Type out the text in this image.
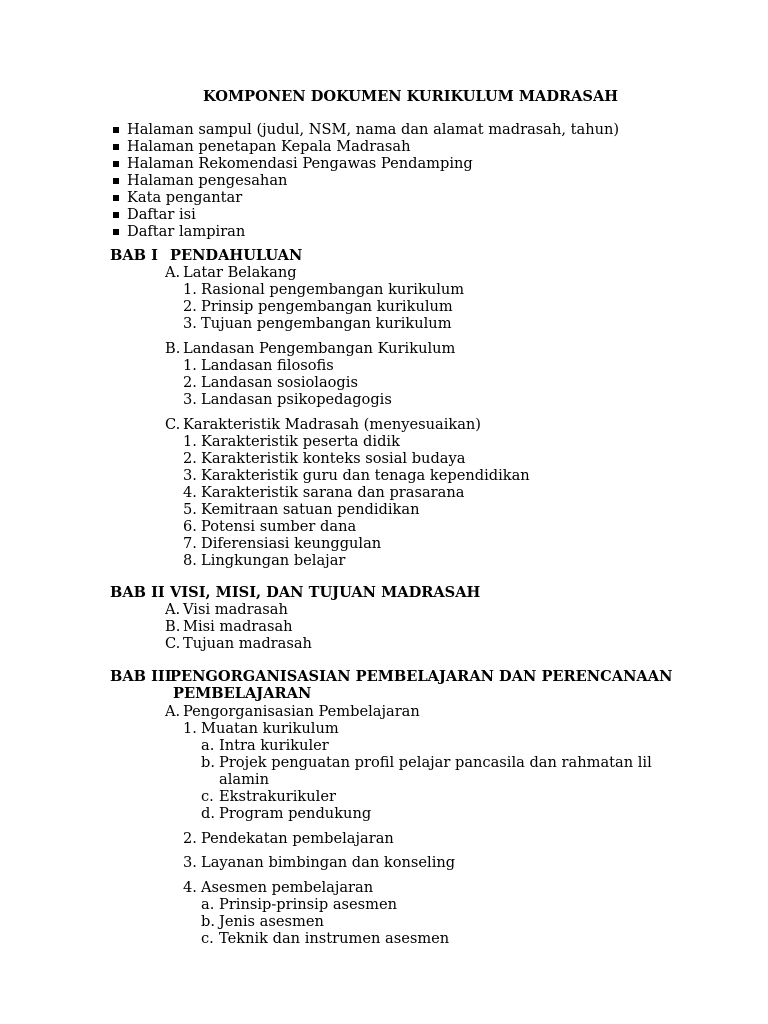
KOMPONEN DOKUMEN KURIKULUM MADRASAH
Halaman sampul (judul, NSM, nama dan alamat madrasah, tahun)
Halaman penetapan Kepala Madrasah
Halaman Rekomendasi Pengawas Pendamping
Halaman pengesahan
Kata pengantar
Daftar isi
Daftar lampiran
BAB I PENDAHULUAN
A. Latar Belakang
1. Rasional pengembangan kurikulum
2. Prinsip pengembangan kurikulum
3. Tujuan pengembangan kurikulum
B. Landasan Pengembangan Kurikulum
1. Landasan filosofis
2. Landasan sosiolaogis
3. Landasan psikopedagogis
C. Karakteristik Madrasah (menyesuaikan)
1. Karakteristik peserta didik
2. Karakteristik konteks sosial budaya
3. Karakteristik guru dan tenaga kependidikan
4. Karakteristik sarana dan prasarana
5. Kemitraan satuan pendidikan
6. Potensi sumber dana
7. Diferensiasi keunggulan
8. Lingkungan belajar
BAB II VISI, MISI, DAN TUJUAN MADRASAH
A. Visi madrasah
B. Misi madrasah
C. Tujuan madrasah
BAB III
PENGORGANISASIAN PEMBELAJARAN DAN PERENCANAAN
PEMBELAJARAN
A. Pengorganisasian Pembelajaran
1. Muatan kurikulum
a. Intra kurikuler
b. Projek penguatan profil pelajar pancasila dan rahmatan lil
alamin
c. Ekstrakurikuler
d. Program pendukung
2. Pendekatan pembelajaran
3. Layanan bimbingan dan konseling
4. Asesmen pembelajaran
a. Prinsip-prinsip asesmen
b. Jenis asesmen
c. Teknik dan instrumen asesmen
